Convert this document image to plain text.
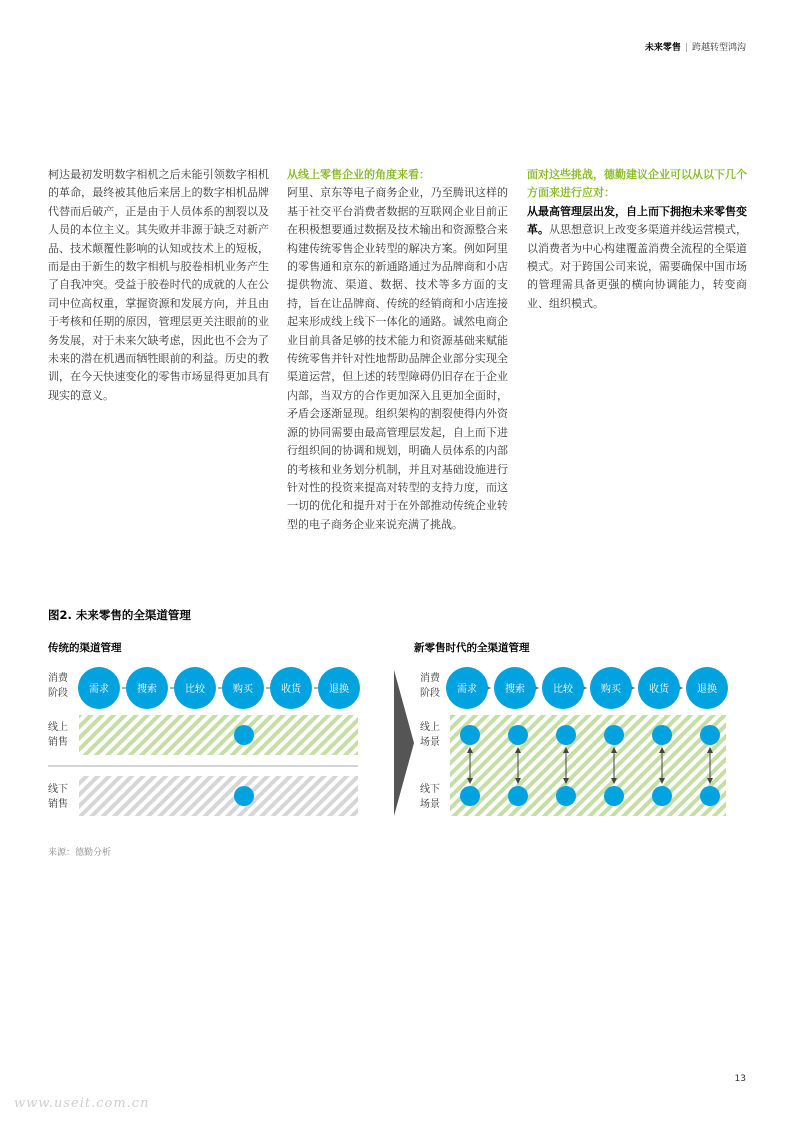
未来零售 | 跨越转型鸿沟

柯达最初发明数字相机之后未能引领数字相机的革命，最终被其他后来居上的数字相机品牌代替而后破产，正是由于人员体系的割裂以及人员的本位主义。其失败并非源于缺乏对新产品、技术颠覆性影响的认知或技术上的短板，而是由于新生的数字相机与胶卷相机业务产生了自我冲突。受益于胶卷时代的成就的人在公司中位高权重，掌握资源和发展方向，并且由于考核和任期的原因，管理层更关注眼前的业务发展，对于未来欠缺考虑，因此也不会为了未来的潜在机遇而牺牲眼前的利益。历史的教训，在今天快速变化的零售市场显得更加具有现实的意义。

从线上零售企业的角度来看：
阿里、京东等电子商务企业，乃至腾讯这样的基于社交平台消费者数据的互联网企业目前正在积极想要通过数据及技术输出和资源整合来构建传统零售企业转型的解决方案。例如阿里的零售通和京东的新通路通过为品牌商和小店提供物流、渠道、数据、技术等多方面的支持，旨在让品牌商、传统的经销商和小店连接起来形成线上线下一体化的通路。诚然电商企业目前具备足够的技术能力和资源基础来赋能传统零售并针对性地帮助品牌企业部分实现全渠道运营，但上述的转型障碍仍旧存在于企业内部，当双方的合作更加深入且更加全面时，矛盾会逐渐显现。组织架构的割裂使得内外资源的协同需要由最高管理层发起，自上而下进行组织间的协调和规划，明确人员体系的内部的考核和业务划分机制，并且对基础设施进行针对性的投资来提高对转型的支持力度，而这一切的优化和提升对于在外部推动传统企业转型的电子商务企业来说充满了挑战。

面对这些挑战，德勤建议企业可以从以下几个方面来进行应对：
从最高管理层出发，自上而下拥抱未来零售变革。从思想意识上改变多渠道并线运营模式，以消费者为中心构建覆盖消费全流程的全渠道模式。对于跨国公司来说，需要确保中国市场的管理需具备更强的横向协调能力，转变商业、组织模式。

图2. 未来零售的全渠道管理
传统的渠道管理	新零售时代的全渠道管理
消费
阶段 需求	搜索	比较	购买	收货	退换
线上
销售
线下
销售
消费
阶段 需求	搜索	比较	购买	收货	退换
线上
场景
线下
场景
来源：德勤分析
13
www.useit.com.cn
